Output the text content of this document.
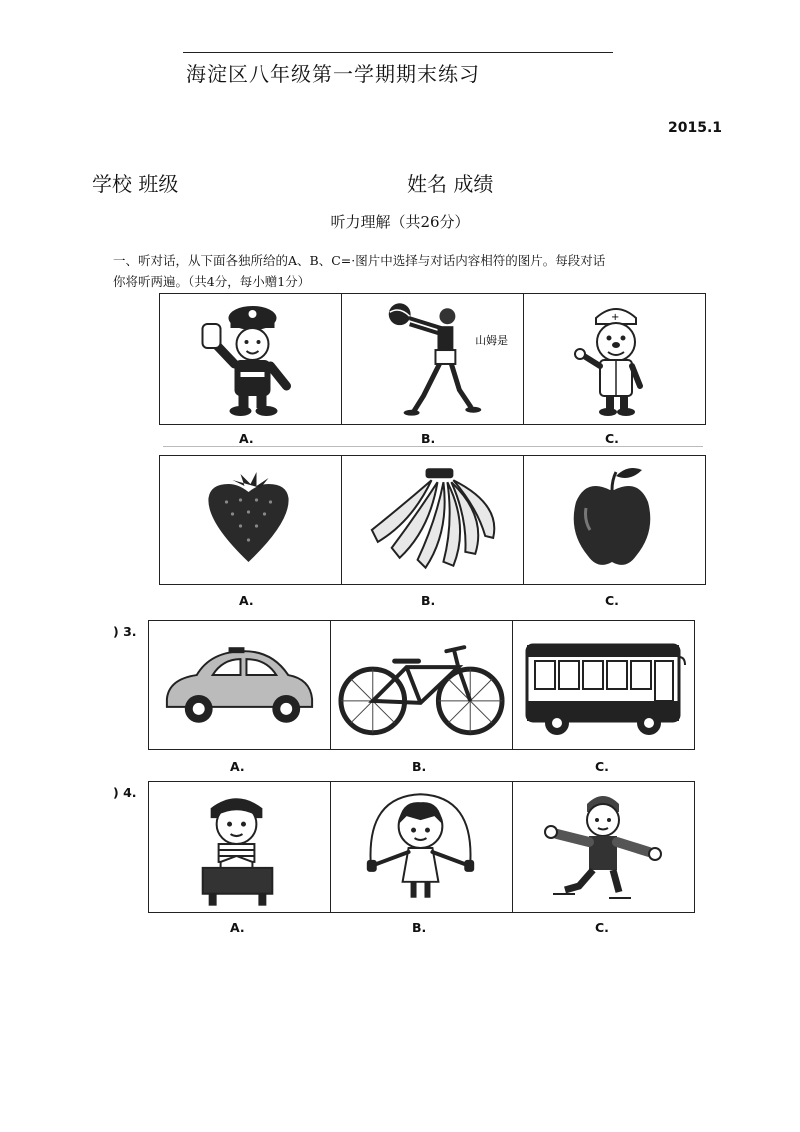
海淀区八年级第一学期期末练习
2015.1
学校 班级	姓名 成绩
听力理解（共26分）
一、听对话，从下面各独所给的A、B、C=·图片中选择与对话内容相符的图片。每段对话
你将听两遍。（共4分，每小赠1分）
山姆是
+
A.	B.	C.
A.	B.	C.
) 3.
A.	B.	C.
) 4.
A.	B.	C.
